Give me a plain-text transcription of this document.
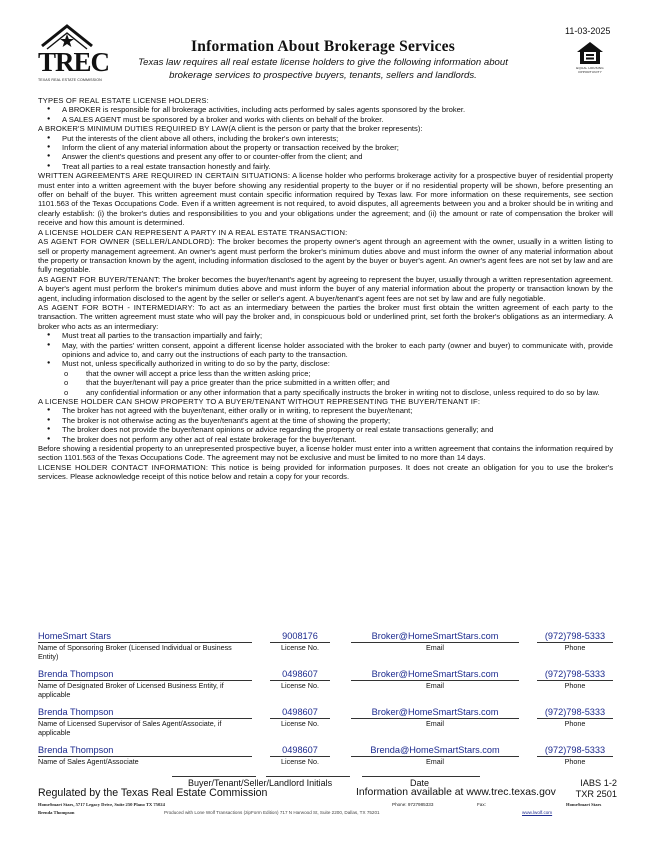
TREC
TEXAS REAL ESTATE COMMISSION
Information About Brokerage Services
Texas law requires all real estate license holders to give the following information about
brokerage services to prospective buyers, tenants, sellers and landlords.
11-03-2025
EQUAL HOUSING OPPORTUNITY

TYPES OF REAL ESTATE LICENSE HOLDERS:

● A BROKER is responsible for all brokerage activities, including acts performed by sales agents sponsored by the broker.
● A SALES AGENT must be sponsored by a broker and works with clients on behalf of the broker.

A BROKER'S MINIMUM DUTIES REQUIRED BY LAW(A client is the person or party that the broker represents):

● Put the interests of the client above all others, including the broker's own interests;
● Inform the client of any material information about the property or transaction received by the broker;
● Answer the client's questions and present any offer to or counter-offer from the client; and
● Treat all parties to a real estate transaction honestly and fairly.

WRITTEN AGREEMENTS ARE REQUIRED IN CERTAIN SITUATIONS: A license holder who performs brokerage activity for a prospective buyer of residential property must enter into a written agreement with the buyer before showing any residential property to the buyer or if no residential property will be shown, before presenting an offer on behalf of the buyer. This written agreement must contain specific information required by Texas law. For more information on these requirements, see section 1101.563 of the Texas Occupations Code. Even if a written agreement is not required, to avoid disputes, all agreements between you and a broker should be in writing and clearly establish: (i) the broker's duties and responsibilities to you and your obligations under the agreement; and (ii) the amount or rate of compensation the broker will receive and how this amount is determined.

A LICENSE HOLDER CAN REPRESENT A PARTY IN A REAL ESTATE TRANSACTION:

AS AGENT FOR OWNER (SELLER/LANDLORD): The broker becomes the property owner's agent through an agreement with the owner, usually in a written listing to sell or property management agreement. An owner's agent must perform the broker's minimum duties above and must inform the owner of any material information about the property or transaction known by the agent, including information disclosed to the agent by the buyer or buyer's agent. An owner's agent fees are not set by law and are fully negotiable.

AS AGENT FOR BUYER/TENANT: The broker becomes the buyer/tenant's agent by agreeing to represent the buyer, usually through a written representation agreement. A buyer's agent must perform the broker's minimum duties above and must inform the buyer of any material information about the property or transaction known by the agent, including information disclosed to the agent by the seller or seller's agent. A buyer/tenant's agent fees are not set by law and are fully negotiable.

AS AGENT FOR BOTH - INTERMEDIARY: To act as an intermediary between the parties the broker must first obtain the written agreement of each party to the transaction. The written agreement must state who will pay the broker and, in conspicuous bold or underlined print, set forth the broker's obligations as an intermediary. A broker who acts as an intermediary:

● Must treat all parties to the transaction impartially and fairly;
● May, with the parties' written consent, appoint a different license holder associated with the broker to each party (owner and buyer) to communicate with, provide opinions and advice to, and carry out the instructions of each party to the transaction.
● Must not, unless specifically authorized in writing to do so by the party, disclose:
o that the owner will accept a price less than the written asking price;
o that the buyer/tenant will pay a price greater than the price submitted in a written offer; and
o any confidential information or any other information that a party specifically instructs the broker in writing not to disclose, unless required to do so by law.

A LICENSE HOLDER CAN SHOW PROPERTY TO A BUYER/TENANT WITHOUT REPRESENTING THE BUYER/TENANT IF:

● The broker has not agreed with the buyer/tenant, either orally or in writing, to represent the buyer/tenant;
● The broker is not otherwise acting as the buyer/tenant's agent at the time of showing the property;
● The broker does not provide the buyer/tenant opinions or advice regarding the property or real estate transactions generally; and
● The broker does not perform any other act of real estate brokerage for the buyer/tenant.

Before showing a residential property to an unrepresented prospective buyer, a license holder must enter into a written agreement that contains the information required by section 1101.563 of the Texas Occupations Code. The agreement may not be exclusive and must be limited to no more than 14 days.

LICENSE HOLDER CONTACT INFORMATION: This notice is being provided for information purposes. It does not create an obligation for you to use the broker's services. Please acknowledge receipt of this notice below and retain a copy for your records.

HomeSmart Stars	9008176	Broker@HomeSmartStars.com	(972)798-5333
Name of Sponsoring Broker (Licensed Individual or Business Entity)
License No.	Email	Phone
Brenda Thompson	0498607	Broker@HomeSmartStars.com	(972)798-5333
Name of Designated Broker of Licensed Business Entity, if applicable
License No.	Email	Phone
Brenda Thompson	0498607	Broker@HomeSmartStars.com	(972)798-5333
Name of Licensed Supervisor of Sales Agent/Associate, if applicable
License No.	Email	Phone
Brenda Thompson	0498607	Brenda@HomeSmartStars.com	(972)798-5333
Name of Sales Agent/Associate	License No.	Email	Phone
Buyer/Tenant/Seller/Landlord Initials	Date
Regulated by the Texas Real Estate Commission	Information available at www.trec.texas.gov
IABS 1-2
TXR 2501
HomeSmart Stars, 5717 Legacy Drive, Suite 250 Plano TX 75024	Phone: 9727985333	Fax:	HomeSmart Stars
Brenda Thompson	Produced with Lone Wolf Transactions (zipForm Edition) 717 N Harwood St, Suite 2200, Dallas, TX 75201	www.lwolf.com
